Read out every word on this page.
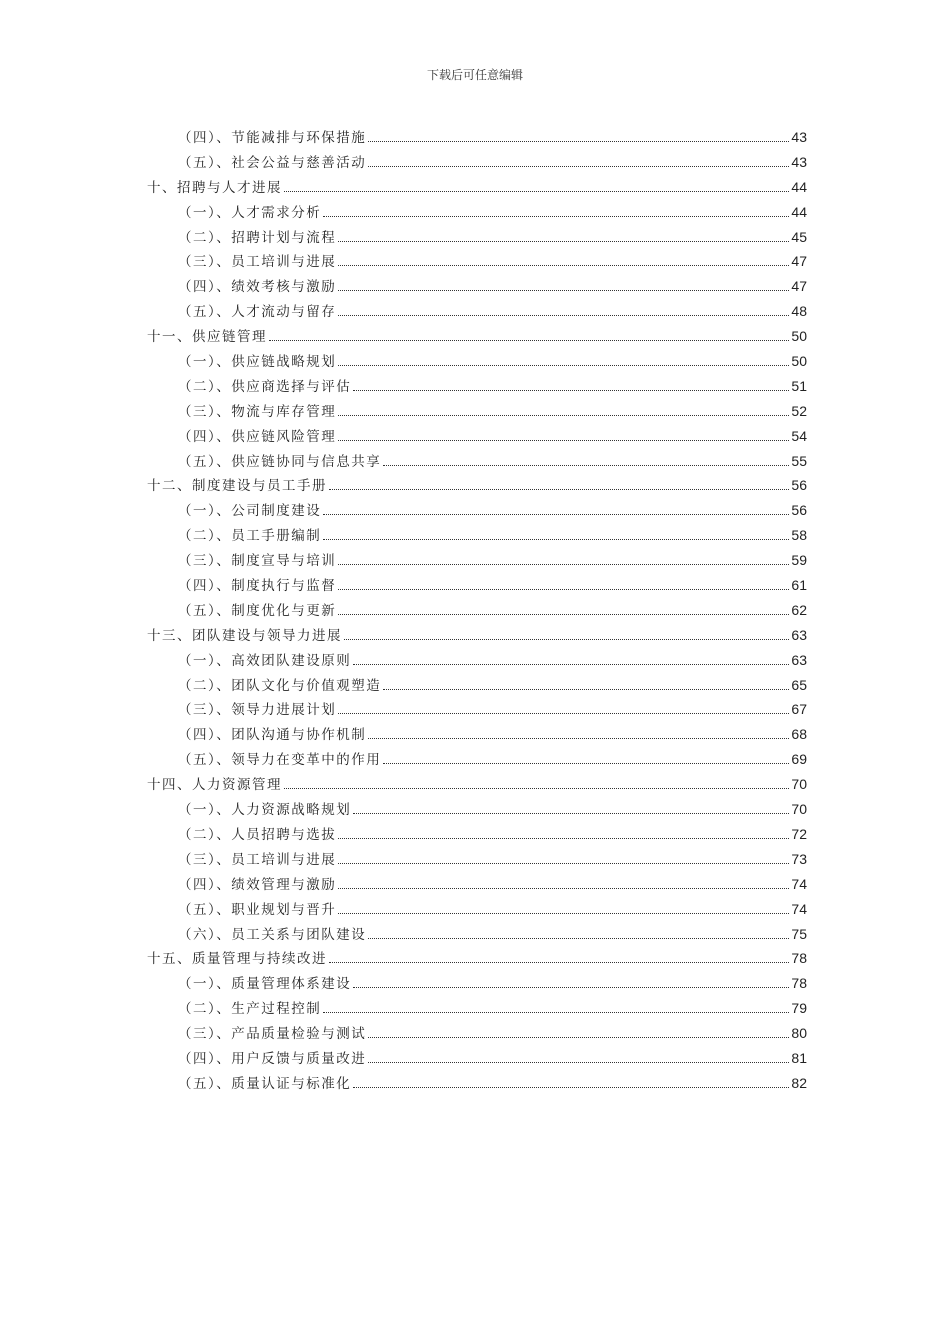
下载后可任意编辑
（四）、节能减排与环保措施	43
（五）、社会公益与慈善活动	43
十、招聘与人才进展	44
（一）、人才需求分析	44
（二）、招聘计划与流程	45
（三）、员工培训与进展	47
（四）、绩效考核与激励	47
（五）、人才流动与留存	48
十一、供应链管理	50
（一）、供应链战略规划	50
（二）、供应商选择与评估	51
（三）、物流与库存管理	52
（四）、供应链风险管理	54
（五）、供应链协同与信息共享	55
十二、制度建设与员工手册	56
（一）、公司制度建设	56
（二）、员工手册编制	58
（三）、制度宣导与培训	59
（四）、制度执行与监督	61
（五）、制度优化与更新	62
十三、团队建设与领导力进展	63
（一）、高效团队建设原则	63
（二）、团队文化与价值观塑造	65
（三）、领导力进展计划	67
（四）、团队沟通与协作机制	68
（五）、领导力在变革中的作用	69
十四、人力资源管理	70
（一）、人力资源战略规划	70
（二）、人员招聘与选拔	72
（三）、员工培训与进展	73
（四）、绩效管理与激励	74
（五）、职业规划与晋升	74
（六）、员工关系与团队建设	75
十五、质量管理与持续改进	78
（一）、质量管理体系建设	78
（二）、生产过程控制	79
（三）、产品质量检验与测试	80
（四）、用户反馈与质量改进	81
（五）、质量认证与标准化	82
